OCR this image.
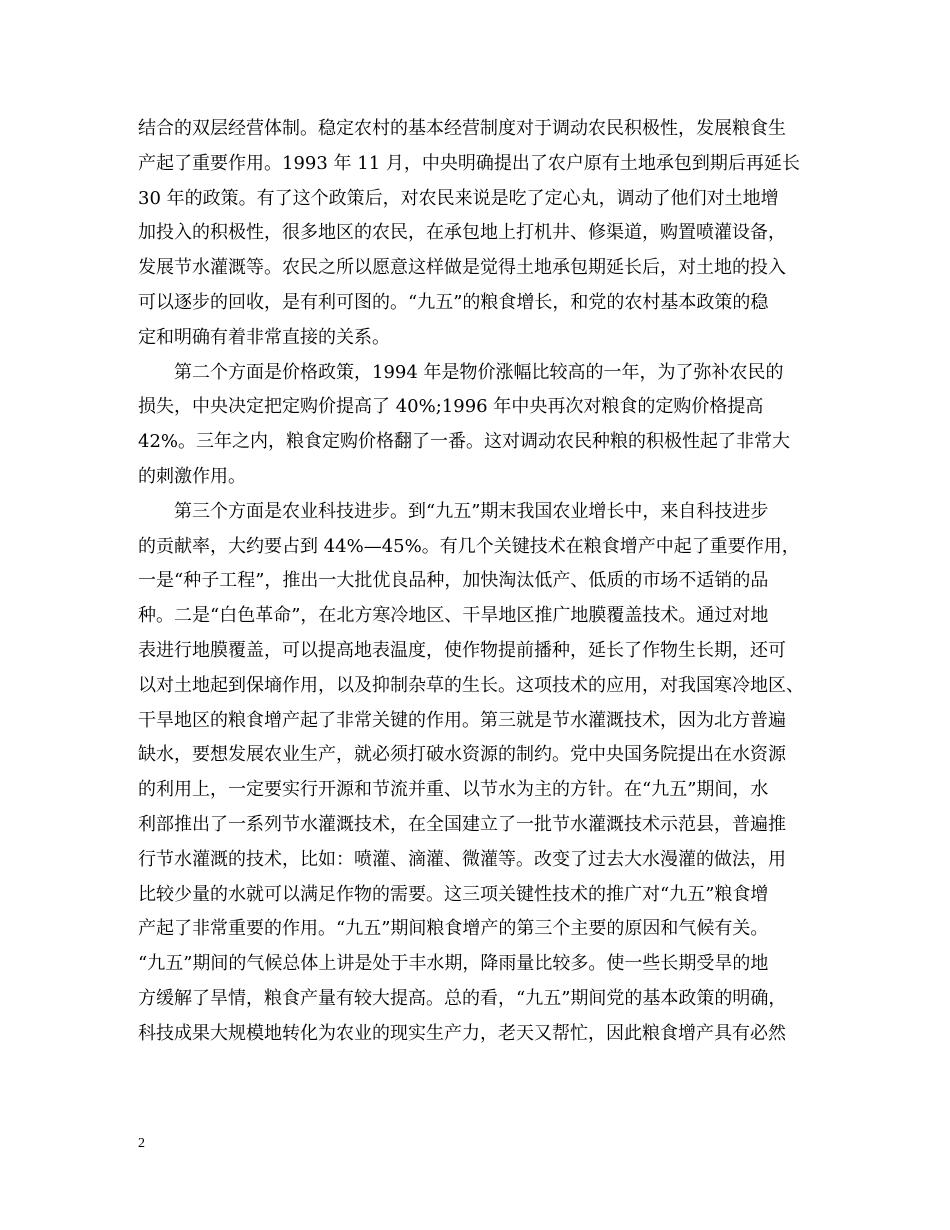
结合的双层经营体制。稳定农村的基本经营制度对于调动农民积极性，发展粮食生
产起了重要作用。1993 年 11 月，中央明确提出了农户原有土地承包到期后再延长
30 年的政策。有了这个政策后，对农民来说是吃了定心丸，调动了他们对土地增
加投入的积极性，很多地区的农民，在承包地上打机井、修渠道，购置喷灌设备，
发展节水灌溉等。农民之所以愿意这样做是觉得土地承包期延长后，对土地的投入
可以逐步的回收，是有利可图的。“九五”的粮食增长，和党的农村基本政策的稳
定和明确有着非常直接的关系。

第二个方面是价格政策，1994 年是物价涨幅比较高的一年，为了弥补农民的
损失，中央决定把定购价提高了 40%;1996 年中央再次对粮食的定购价格提高
42%。三年之内，粮食定购价格翻了一番。这对调动农民种粮的积极性起了非常大
的刺激作用。

第三个方面是农业科技进步。到“九五”期末我国农业增长中，来自科技进步
的贡献率，大约要占到 44%—45%。有几个关键技术在粮食增产中起了重要作用，
一是“种子工程”，推出一大批优良品种，加快淘汰低产、低质的市场不适销的品
种。二是“白色革命”，在北方寒冷地区、干旱地区推广地膜覆盖技术。通过对地
表进行地膜覆盖，可以提高地表温度，使作物提前播种，延长了作物生长期，还可
以对土地起到保墒作用，以及抑制杂草的生长。这项技术的应用，对我国寒冷地区、
干旱地区的粮食增产起了非常关键的作用。第三就是节水灌溉技术，因为北方普遍
缺水，要想发展农业生产，就必须打破水资源的制约。党中央国务院提出在水资源
的利用上，一定要实行开源和节流并重、以节水为主的方针。在“九五”期间，水
利部推出了一系列节水灌溉技术，在全国建立了一批节水灌溉技术示范县，普遍推
行节水灌溉的技术，比如：喷灌、滴灌、微灌等。改变了过去大水漫灌的做法，用
比较少量的水就可以满足作物的需要。这三项关键性技术的推广对“九五”粮食增
产起了非常重要的作用。“九五”期间粮食增产的第三个主要的原因和气候有关。
“九五”期间的气候总体上讲是处于丰水期，降雨量比较多。使一些长期受旱的地
方缓解了旱情，粮食产量有较大提高。总的看，“九五”期间党的基本政策的明确，
科技成果大规模地转化为农业的现实生产力，老天又帮忙，因此粮食增产具有必然

2
